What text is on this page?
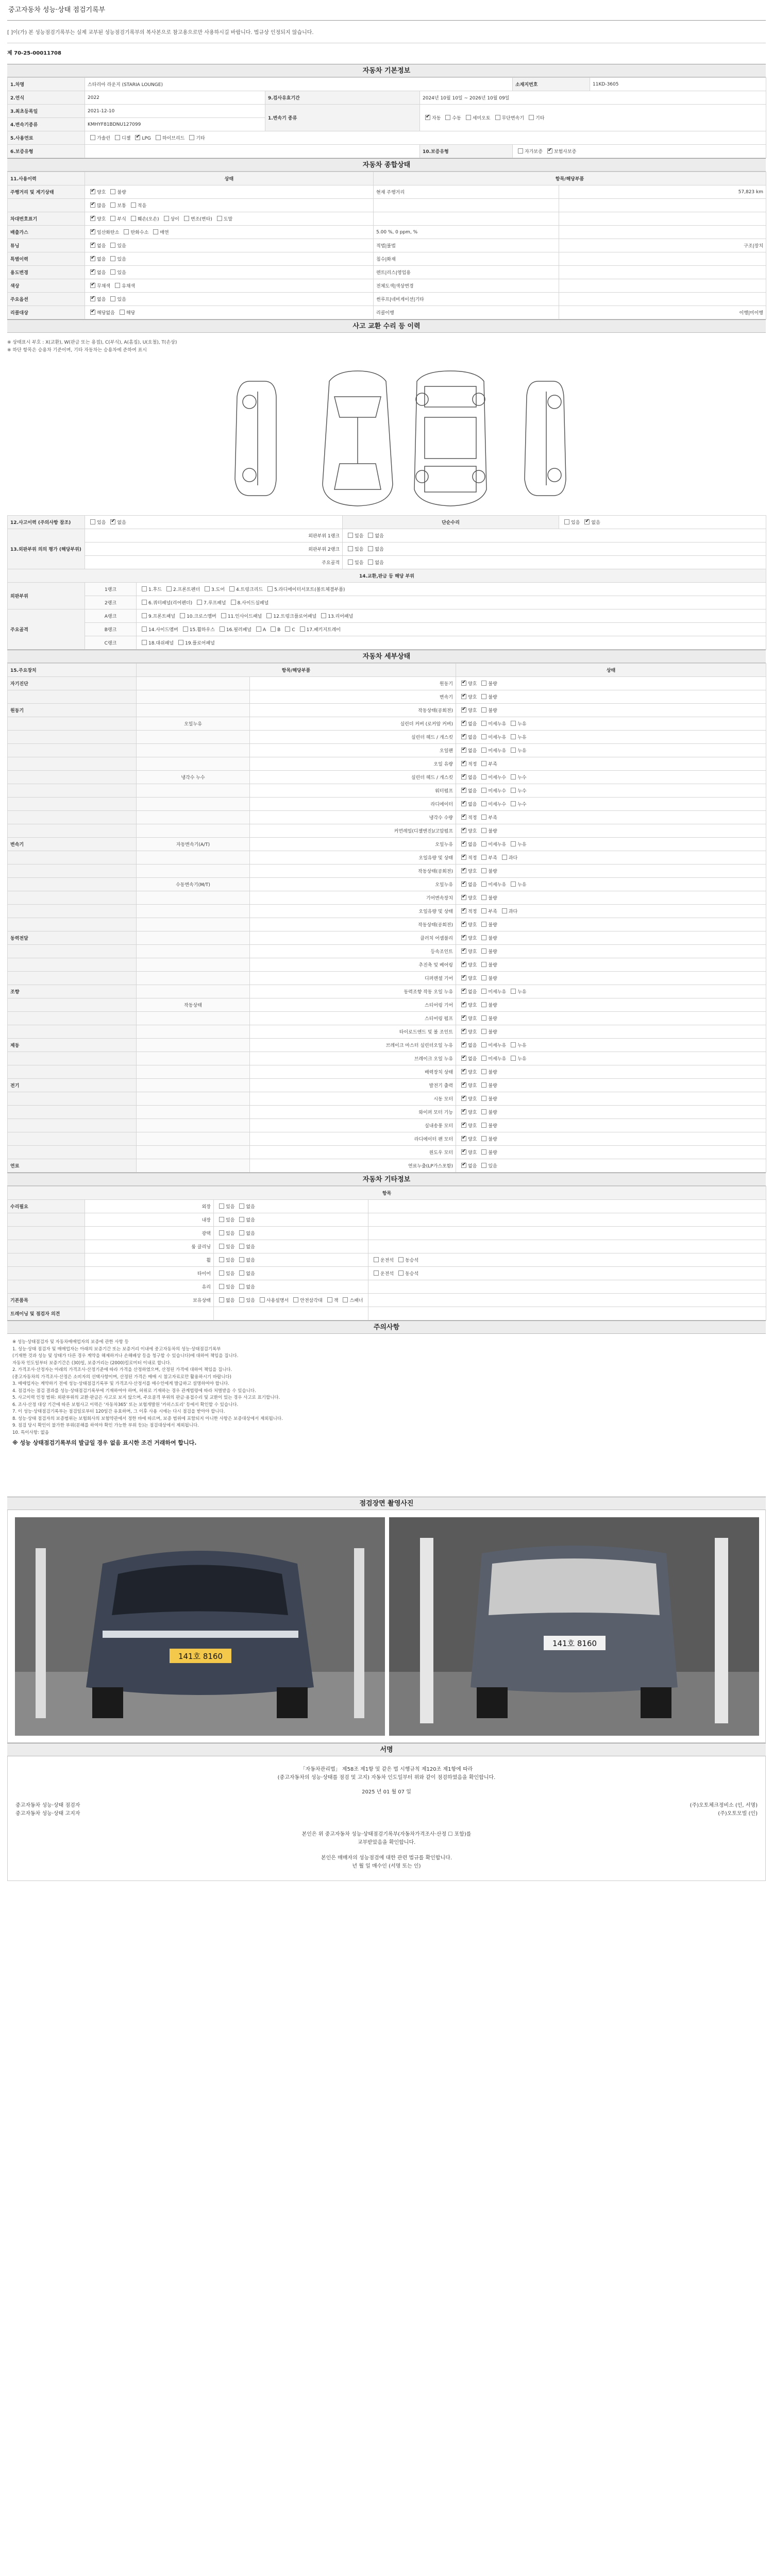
중고자동차 성능·상태 점검기록부
[ ]이(가) 본 성능점검기록부는 실제 교부된 성능점검기록부의 복사본으로 참고용으로만 사용하시길 바랍니다. 법규상 인정되지 않습니다.
제 70-25-00011708
자동차 기본정보
1.차명	스타리아 라운지 (STARIA LOUNGE)			소재지번호	11KD-3605
2.연식	2022	9.검사유효기간	2024년 10월 10일 ~ 2026년 10월 09일		
3.최초등록일	2021-12-10	1.변속기 종류	✔자동 수동 세미오토 무단변속기 기타
4.변속기종류	KMHYF81BDNU127099				
5.사용연료	가솔린 디젤 ✔ LPG 하이브리드 기타
6.보증유형			10.보증유형	자가보증 ✔ 보험사보증
자동차 종합상태
11.사용이력	상태	항목/해당부품	
주행거리 및 계기상태	✔양호 불량	현재 주행거리	57,823 km
	✔많음 보통 적음		
차대번호표기	✔양호 부식 훼손(오손) 상이 변조(변타) 도말		
배출가스	✔일산화탄소 탄화수소 매연	5.00 %, 0 ppm, %	
튜닝	✔없음 있음	적법|불법	구조|장치
특별이력	✔없음 있음	침수|화재	
용도변경	✔없음 있음	렌트|리스|영업용	
색상	✔무채색 유채색	전체도색|색상변경	
주요옵션	✔없음 있음	썬루프|네비게이션|기타	
리콜대상	✔해당없음 해당	리콜이행	이행|미이행
사고 교환 수리 등 이력
※ 상태표시 부호 : X(교환), W(판금 또는 용접), C(부식), A(흠집), U(요철), T(손상)
※ 하단 항목은 승용차 기준이며, 기타 자동차는 승용차에 준하여 표시
12.사고이력 (주의사항 참조)	있음 ✔ 없음		단순수리	있음 ✔ 없음
13.외판부위 의의 평가 (해당부위)	외판부위 1랭크		있음 없음	
	외판부위 2랭크		있음 없음	
	주요골격		있음 없음	
14.교환,판금 등 해당 부위				
외판부위	1랭크	1.후드 2.프론트펜더 3.도어 4.트렁크리드 5.라디에이터서포트(볼트체결부품)		
	2랭크	6.쿼터패널(리어펜더) 7.루프패널 8.사이드실패널		
주요골격	A랭크	9.프론트패널 10.크로스멤버 11.인사이드패널 12.트렁크플로어패널 13.리어패널		
	B랭크	14.사이드멤버 15.휠하우스 16.필러패널 A B C 17.패키지트레이		
	C랭크	18.대쉬패널 19.플로어패널		
자동차 세부상태
15.주요장치	항목/해당부품		상태
자기진단		원동기	✔양호 불량
		변속기	✔양호 불량
원동기		작동상태(공회전)	✔양호 불량
	오일누유	실린더 커버 (로커암 커버)	✔없음 미세누유 누유
		실린더 헤드 / 개스킷	✔없음 미세누유 누유
		오일팬	✔없음 미세누유 누유
		오일 유량	✔적정 부족
	냉각수 누수	실린더 헤드 / 개스킷	✔없음 미세누수 누수
		워터펌프	✔없음 미세누수 누수
		라디에이터	✔없음 미세누수 누수
		냉각수 수량	✔적정 부족
		커먼레일(디젤엔진)/고압펌프	✔양호 불량
변속기	자동변속기(A/T)	오일누유	✔없음 미세누유 누유
		오일유량 및 상태	✔적정 부족 과다
		작동상태(공회전)	✔양호 불량
	수동변속기(M/T)	오일누유	✔없음 미세누유 누유
		기어변속장치	✔양호 불량
		오일유량 및 상태	✔적정 부족 과다
		작동상태(공회전)	✔양호 불량
동력전달		클러치 어셈블리	✔양호 불량
		등속조인트	✔양호 불량
		추진축 및 베어링	✔양호 불량
		디퍼렌셜 기어	✔양호 불량
조향		동력조향 작동 오일 누유	✔없음 미세누유 누유
	작동상태	스티어링 기어	✔양호 불량
		스티어링 펌프	✔양호 불량
		타이로드엔드 및 볼 조인트	✔양호 불량
제동		브레이크 마스터 실린더오일 누유	✔없음 미세누유 누유
		브레이크 오일 누유	✔없음 미세누유 누유
		배력장치 상태	✔양호 불량
전기		발전기 출력	✔양호 불량
		시동 모터	✔양호 불량
		와이퍼 모터 기능	✔양호 불량
		실내송풍 모터	✔양호 불량
		라디에이터 팬 모터	✔양호 불량
		윈도우 모터	✔양호 불량
연료		연료누출(LP가스포함)	✔없음 있음
자동차 기타정보
항목			
수리필요	외장	있음 없음	
	내장	있음 없음	
	광택	있음 없음	
	룸 클리닝	있음 없음	
	휠	있음 없음	운전석 동승석
	타이어	있음 없음	운전석 동승석
	유리	있음 없음	
기본품목	보유상태	없음 있음 사용설명서 안전삼각대 잭 스패너	
트레이닝 및 점검자 의견			
주의사항

※ 성능·상태점검자 및 자동차매매업자의 보증에 관한 사항 등

1. 성능·상태 점검자 및 매매업자는 아래의 보증기간 또는 보증거리 이내에 중고자동차의 성능·상태점검기록부

(기재한 것과 성능 및 상태가 다른 경우 계약을 해제하거나 손해배상 등을 청구할 수 있습니다)에 대하여 책임을 집니다.

자동차 인도일부터 보증기간은 (30)일, 보증거리는 (2000)킬로미터 이내로 합니다.

2. 가격조사·산정자는 아래의 가격조사·산정기준에 따라 가격을 산정하였으며, 산정된 가격에 대하여 책임을 집니다.

(중고자동차의 가격조사·산정은 소비자의 선택사항이며, 산정된 가격은 매매 시 참고자료로만 활용하시기 바랍니다)

3. 매매업자는 계약하기 전에 성능·상태점검기록부 및 가격조사·산정서를 매수인에게 발급하고 설명하여야 합니다.

4. 점검자는 점검 결과를 성능·상태점검기록부에 기재하여야 하며, 허위로 기재하는 경우 관계법령에 따라 처벌받을 수 있습니다.

5. 사고이력 인정 범위: 외판부위의 교환·판금은 사고로 보지 않으며, 주요골격 부위의 판금·용접수리 및 교환이 있는 경우 사고로 표기합니다.

6. 조사·산정 대상 기간에 따른 보험사고 이력은 '자동차365' 또는 보험개발원 '카히스토리' 등에서 확인할 수 있습니다.

7. 이 성능·상태점검기록부는 점검일로부터 120일간 유효하며, 그 이후 사용 시에는 다시 점검을 받아야 합니다.

8. 성능·상태 점검자의 보증범위는 보험회사의 보험약관에서 정한 바에 따르며, 보증 범위에 포함되지 아니한 사항은 보증대상에서 제외됩니다.

9. 점검 당시 확인이 불가한 부위(분해를 하여야 확인 가능한 부위 등)는 점검대상에서 제외됩니다.

10. 특이사항: 없음

※ 성능 상태점검기록부의 발급일 경우 없음 표시한 조건 거래하여 합니다.
점검장면 촬영사진
141호 8160
141호 8160
서명
「자동차관리법」 제58조 제1항 및 같은 법 시행규칙 제120조 제1항에 따라
(중고자동차의 성능·상태를 점검 및 고지) 자동차 인도일부터 위와 같이 점검하였음을 확인합니다.
2025 년 01 월 07 일
중고자동차 성능·상태 점검자	(주)오토체크정비소 (인, 서명)
중고자동차 성능·상태 고지자	(주)오토모빌 (인)
본인은 위 중고자동차 성능·상태점검기록부(자동차가격조사·산정 ☐ 포함)를
교부받았음을 확인합니다.
본인은 매매자의 성능점검에 대한 관련 법규를 확인합니다.
년 월 일 매수인 (서명 또는 인)
